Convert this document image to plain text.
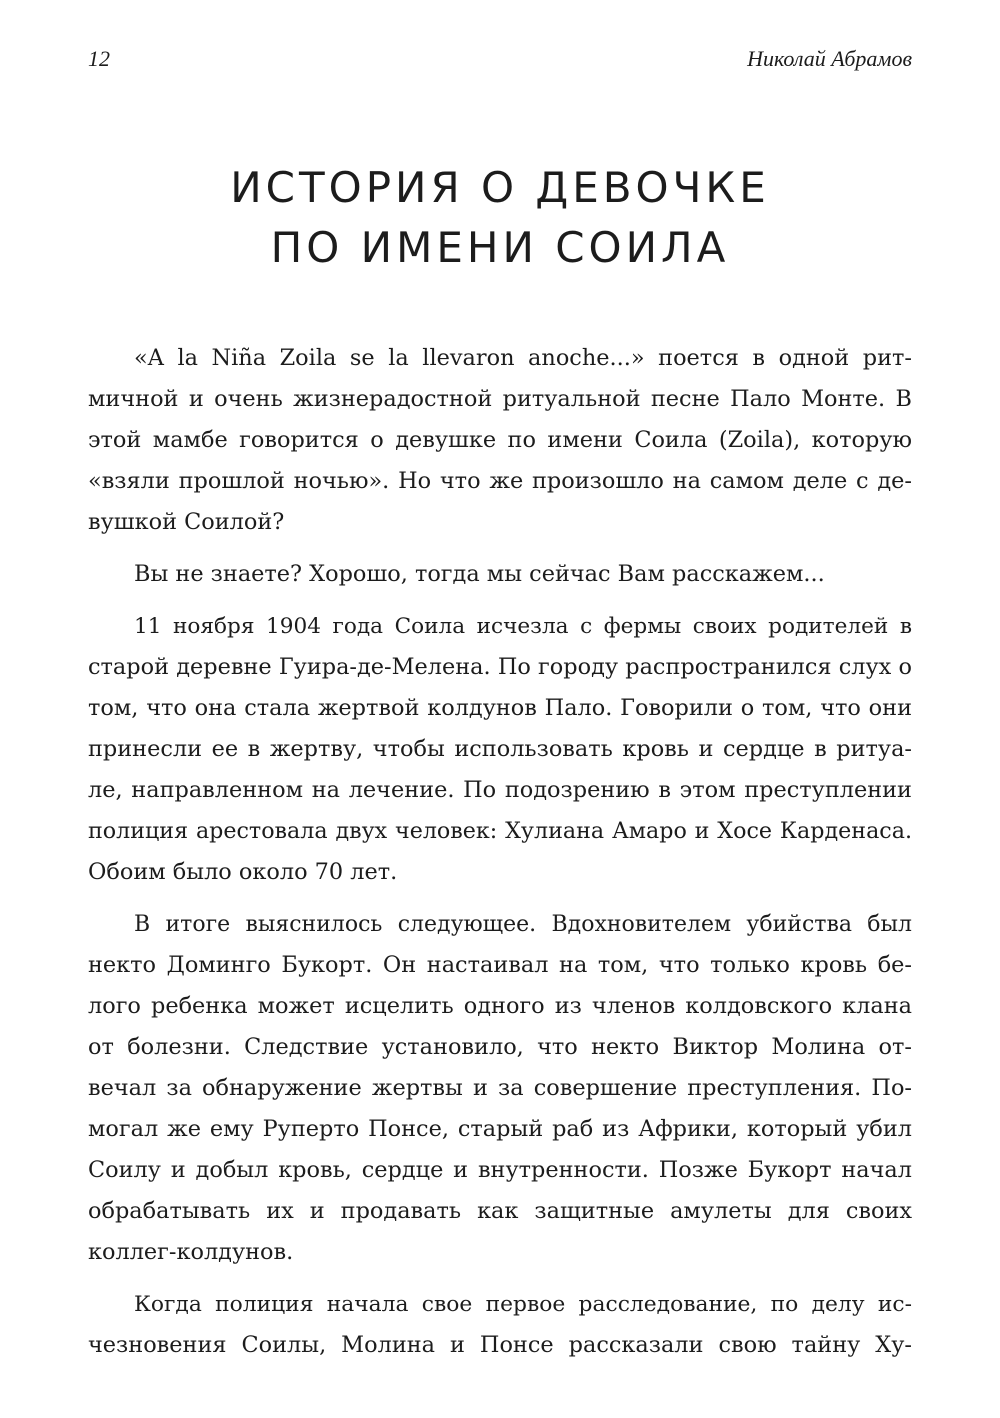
12	Николай Абрамов
ИСТОРИЯ О ДЕВОЧКЕ
ПО ИМЕНИ СОИЛА

«A la Niña Zoila se la llevaron anoche...» поется в одной рит-
мичной и очень жизнерадостной ритуальной песне Пало Монте. В
этой мамбе говорится о девушке по имени Соила (Zoila), которую
«взяли прошлой ночью». Но что же произошло на самом деле с де-
вушкой Соилой?

Вы не знаете? Хорошо, тогда мы сейчас Вам расскажем...

11 ноября 1904 года Соила исчезла с фермы своих родителей в
старой деревне Гуира-де-Мелена. По городу распространился слух о
том, что она стала жертвой колдунов Пало. Говорили о том, что они
принесли ее в жертву, чтобы использовать кровь и сердце в ритуа-
ле, направленном на лечение. По подозрению в этом преступлении
полиция арестовала двух человек: Хулиана Амаро и Хосе Карденаса.
Обоим было около 70 лет.

В итоге выяснилось следующее. Вдохновителем убийства был
некто Доминго Букорт. Он настаивал на том, что только кровь бе-
лого ребенка может исцелить одного из членов колдовского клана
от болезни. Следствие установило, что некто Виктор Молина от-
вечал за обнаружение жертвы и за совершение преступления. По-
могал же ему Руперто Понсе, старый раб из Африки, который убил
Соилу и добыл кровь, сердце и внутренности. Позже Букорт начал
обрабатывать их и продавать как защитные амулеты для своих
коллег-колдунов.

Когда полиция начала свое первое расследование, по делу ис-
чезновения Соилы, Молина и Понсе рассказали свою тайну Ху-
